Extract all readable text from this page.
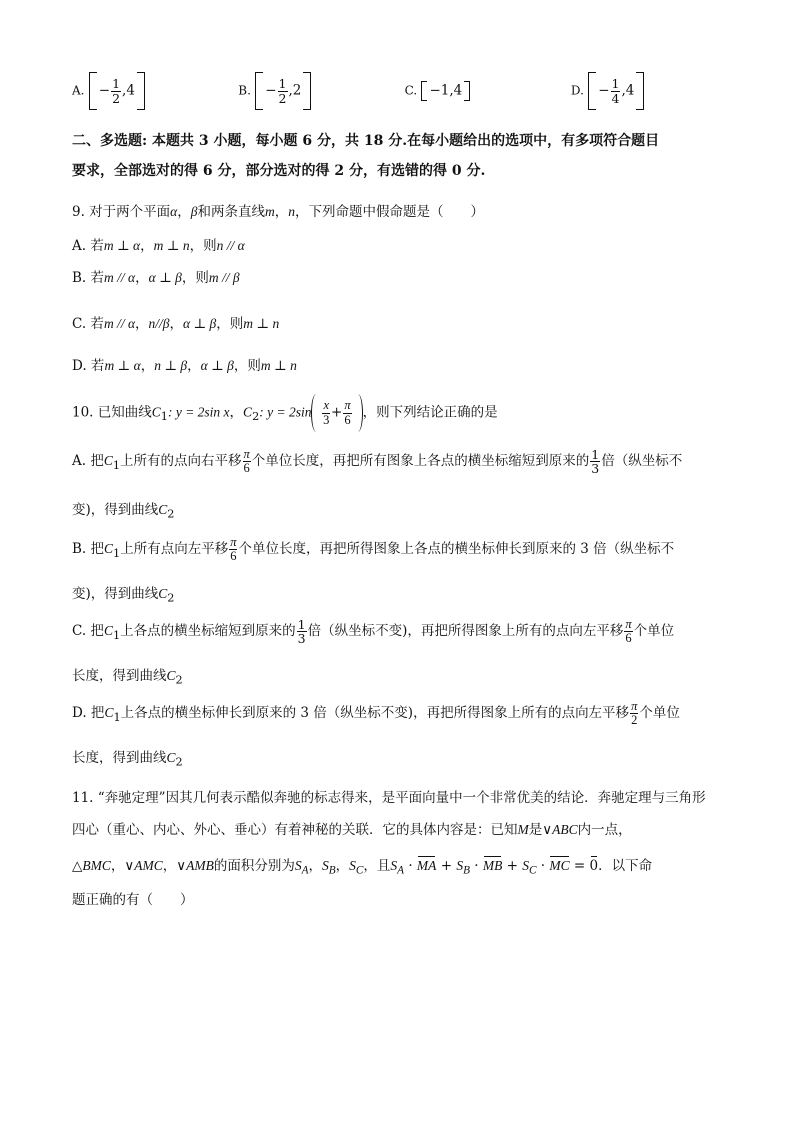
A. − $\frac{1}{2} ,4$	B. − $\frac{1}{2} ,2$	C. −1,4	D. − $\frac{1}{4} ,4$
二、多选题: 本题共 3 小题，每小题 6 分，共 18 分.在每小题给出的选项中，有多项符合题目
要求，全部选对的得 6 分，部分选对的得 2 分，有选错的得 0 分.
9. 对于两个平面α，β和两条直线m，n，下列命题中假命题是（　　）
A. 若m ⊥ α，m ⊥ n，则n // α
B. 若m // α，α ⊥ β，则m // β
C. 若m // α，n//β，α ⊥ β，则m ⊥ n
D. 若m ⊥ α，n ⊥ β，α ⊥ β，则m ⊥ n
10. 已知曲线$C_1$: y = 2sin x，$C_2$: $y = 2\sin \frac{x}{3} + \frac{\pi}{6}$ ，则下列结论正确的是
A. 把$C_1$上所有的点向右平移 $\frac{\pi}{6}$ 个单位长度，再把所有图象上各点的横坐标缩短到原来的 $\frac{1}{3}$ 倍（纵坐标不
变)，得到曲线$C_2$
B. 把$C_1$上所有点向左平移 $\frac{\pi}{6}$ 个单位长度，再把所得图象上各点的横坐标伸长到原来的 3 倍（纵坐标不
变)，得到曲线$C_2$
C. 把$C_1$上各点的横坐标缩短到原来的 $\frac{1}{3}$ 倍（纵坐标不变)，再把所得图象上所有的点向左平移 $\frac{\pi}{6}$ 个单位
长度，得到曲线$C_2$
D. 把$C_1$上各点的横坐标伸长到原来的 3 倍（纵坐标不变)，再把所得图象上所有的点向左平移 $\frac{\pi}{2}$ 个单位
长度，得到曲线$C_2$
11. “奔驰定理”因其几何表示酷似奔驰的标志得来，是平面向量中一个非常优美的结论．奔驰定理与三角形
四心（重心、内心、外心、垂心）有着神秘的关联．它的具体内容是：已知M是∨ABC内一点，
△BMC，∨AMC，∨AMB的面积分别为$S_A$，$S_B$，$S_C$，且$S_A$ · MA + $S_B$ · MB + $S_C$ · MC = 0．以下命
题正确的有（　　）
